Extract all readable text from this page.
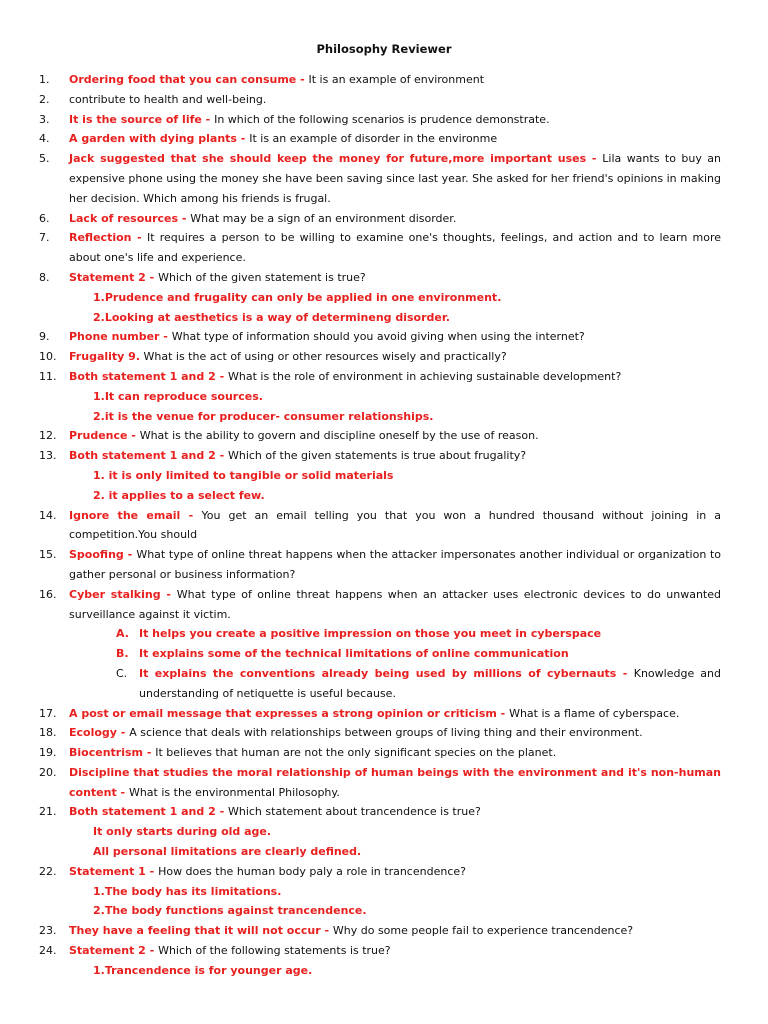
Philosophy Reviewer
1. Ordering food that you can consume - It is an example of environment
2. contribute to health and well-being.
3. It is the source of life - In which of the following scenarios is prudence demonstrate.
4. A garden with dying plants - It is an example of disorder in the environme
5. Jack suggested that she should keep the money for future,more important uses - Lila wants to buy an expensive phone using the money she have been saving since last year. She asked for her friend's opinions in making her decision. Which among his friends is frugal.
6. Lack of resources - What may be a sign of an environment disorder.
7. Reflection - It requires a person to be willing to examine one's thoughts, feelings, and action and to learn more about one's life and experience.
8. Statement 2 - Which of the given statement is true?
1.Prudence and frugality can only be applied in one environment.
2.Looking at aesthetics is a way of determineng disorder.
9. Phone number - What type of information should you avoid giving when using the internet?
10. Frugality 9. What is the act of using or other resources wisely and practically?
11. Both statement 1 and 2 - What is the role of environment in achieving sustainable development?
1.It can reproduce sources.
2.it is the venue for producer- consumer relationships.
12. Prudence - What is the ability to govern and discipline oneself by the use of reason.
13. Both statement 1 and 2 - Which of the given statements is true about frugality?
1. it is only limited to tangible or solid materials
2. it applies to a select few.
14. Ignore the email - You get an email telling you that you won a hundred thousand without joining in a competition.You should
15. Spoofing - What type of online threat happens when the attacker impersonates another individual or organization to gather personal or business information?
16. Cyber stalking - What type of online threat happens when an attacker uses electronic devices to do unwanted surveillance against it victim.
A. It helps you create a positive impression on those you meet in cyberspace
B. It explains some of the technical limitations of online communication
C. It explains the conventions already being used by millions of cybernauts - Knowledge and understanding of netiquette is useful because.
17. A post or email message that expresses a strong opinion or criticism - What is a flame of cyberspace.
18. Ecology - A science that deals with relationships between groups of living thing and their environment.
19. Biocentrism - It believes that human are not the only significant species on the planet.
20. Discipline that studies the moral relationship of human beings with the environment and it's non-human content - What is the environmental Philosophy.
21. Both statement 1 and 2 - Which statement about trancendence is true?
It only starts during old age.
All personal limitations are clearly defined.
22. Statement 1 - How does the human body paly a role in trancendence?
1.The body has its limitations.
2.The body functions against trancendence.
23. They have a feeling that it will not occur - Why do some people fail to experience trancendence?
24. Statement 2 - Which of the following statements is true?
1.Trancendence is for younger age.
